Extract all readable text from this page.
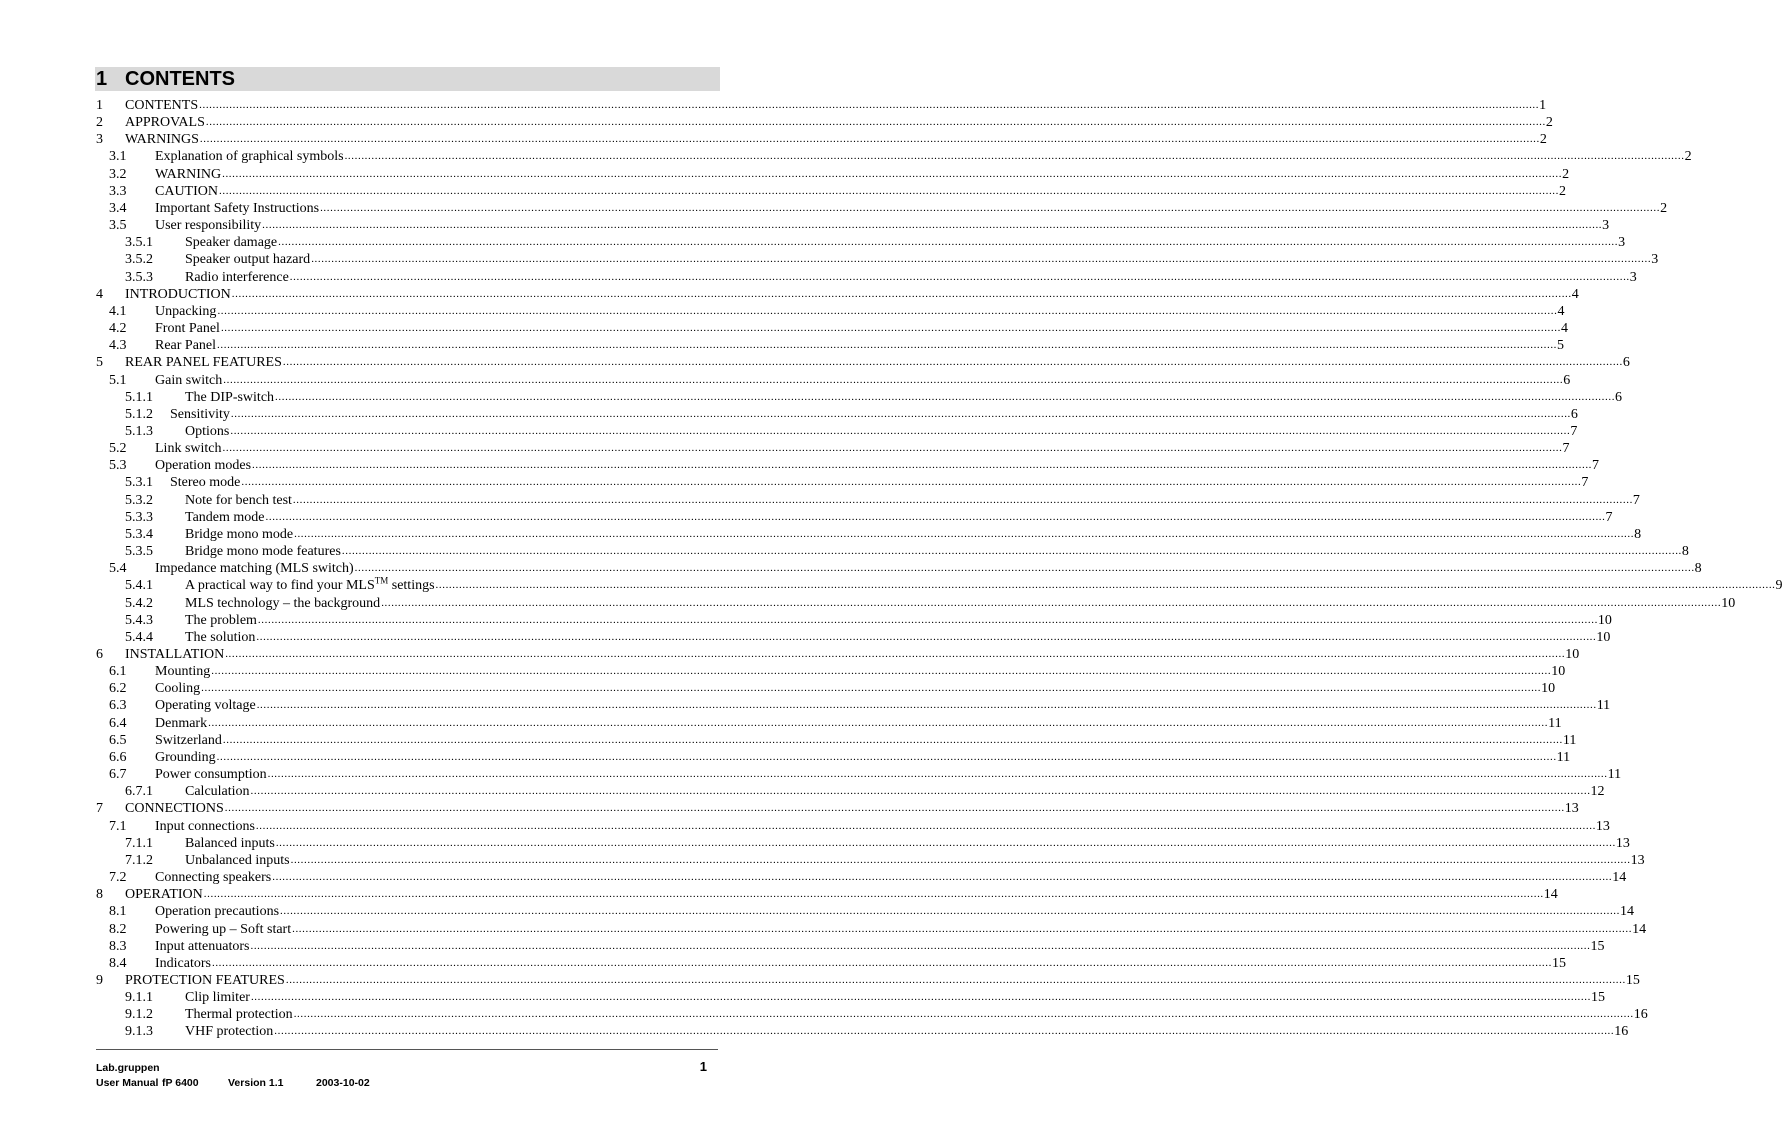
1 CONTENTS
1 CONTENTS ................................................................................................................................................................................................................................................................................................................................................................................................................ 1
2 APPROVALS ................................................................................................................................................................................................................................................................................................................................................................................................................ 2
3 WARNINGS ................................................................................................................................................................................................................................................................................................................................................................................................................ 2
3.1 Explanation of graphical symbols ................................................................................................................................................................................................................................................................................................................................................................................................................ 2
3.2 WARNING ................................................................................................................................................................................................................................................................................................................................................................................................................ 2
3.3 CAUTION ................................................................................................................................................................................................................................................................................................................................................................................................................ 2
3.4 Important Safety Instructions ................................................................................................................................................................................................................................................................................................................................................................................................................ 2
3.5 User responsibility ................................................................................................................................................................................................................................................................................................................................................................................................................ 3
3.5.1 Speaker damage ................................................................................................................................................................................................................................................................................................................................................................................................................ 3
3.5.2 Speaker output hazard ................................................................................................................................................................................................................................................................................................................................................................................................................ 3
3.5.3 Radio interference ................................................................................................................................................................................................................................................................................................................................................................................................................ 3
4 INTRODUCTION ................................................................................................................................................................................................................................................................................................................................................................................................................ 4
4.1 Unpacking ................................................................................................................................................................................................................................................................................................................................................................................................................ 4
4.2 Front Panel ................................................................................................................................................................................................................................................................................................................................................................................................................ 4
4.3 Rear Panel ................................................................................................................................................................................................................................................................................................................................................................................................................ 5
5 REAR PANEL FEATURES ................................................................................................................................................................................................................................................................................................................................................................................................................ 6
5.1 Gain switch ................................................................................................................................................................................................................................................................................................................................................................................................................ 6
5.1.1 The DIP-switch ................................................................................................................................................................................................................................................................................................................................................................................................................ 6
5.1.2 Sensitivity ................................................................................................................................................................................................................................................................................................................................................................................................................ 6
5.1.3 Options ................................................................................................................................................................................................................................................................................................................................................................................................................ 7
5.2 Link switch ................................................................................................................................................................................................................................................................................................................................................................................................................ 7
5.3 Operation modes ................................................................................................................................................................................................................................................................................................................................................................................................................ 7
5.3.1 Stereo mode ................................................................................................................................................................................................................................................................................................................................................................................................................ 7
5.3.2 Note for bench test ................................................................................................................................................................................................................................................................................................................................................................................................................ 7
5.3.3 Tandem mode ................................................................................................................................................................................................................................................................................................................................................................................................................ 7
5.3.4 Bridge mono mode ................................................................................................................................................................................................................................................................................................................................................................................................................ 8
5.3.5 Bridge mono mode features ................................................................................................................................................................................................................................................................................................................................................................................................................ 8
5.4 Impedance matching (MLS switch) ................................................................................................................................................................................................................................................................................................................................................................................................................ 8
5.4.1 A practical way to find your MLS™ settings ................................................................................................................................................................................................................................................................................................................................................................................................................ 9
5.4.2 MLS technology – the background ................................................................................................................................................................................................................................................................................................................................................................................................................ 10
5.4.3 The problem ................................................................................................................................................................................................................................................................................................................................................................................................................ 10
5.4.4 The solution ................................................................................................................................................................................................................................................................................................................................................................................................................ 10
6 INSTALLATION ................................................................................................................................................................................................................................................................................................................................................................................................................ 10
6.1 Mounting ................................................................................................................................................................................................................................................................................................................................................................................................................ 10
6.2 Cooling ................................................................................................................................................................................................................................................................................................................................................................................................................ 10
6.3 Operating voltage ................................................................................................................................................................................................................................................................................................................................................................................................................ 11
6.4 Denmark ................................................................................................................................................................................................................................................................................................................................................................................................................ 11
6.5 Switzerland ................................................................................................................................................................................................................................................................................................................................................................................................................ 11
6.6 Grounding ................................................................................................................................................................................................................................................................................................................................................................................................................ 11
6.7 Power consumption ................................................................................................................................................................................................................................................................................................................................................................................................................ 11
6.7.1 Calculation ................................................................................................................................................................................................................................................................................................................................................................................................................ 12
7 CONNECTIONS ................................................................................................................................................................................................................................................................................................................................................................................................................ 13
7.1 Input connections ................................................................................................................................................................................................................................................................................................................................................................................................................ 13
7.1.1 Balanced inputs ................................................................................................................................................................................................................................................................................................................................................................................................................ 13
7.1.2 Unbalanced inputs ................................................................................................................................................................................................................................................................................................................................................................................................................ 13
7.2 Connecting speakers ................................................................................................................................................................................................................................................................................................................................................................................................................ 14
8 OPERATION ................................................................................................................................................................................................................................................................................................................................................................................................................ 14
8.1 Operation precautions ................................................................................................................................................................................................................................................................................................................................................................................................................ 14
8.2 Powering up – Soft start ................................................................................................................................................................................................................................................................................................................................................................................................................ 14
8.3 Input attenuators ................................................................................................................................................................................................................................................................................................................................................................................................................ 15
8.4 Indicators ................................................................................................................................................................................................................................................................................................................................................................................................................ 15
9 PROTECTION FEATURES ................................................................................................................................................................................................................................................................................................................................................................................................................ 15
9.1.1 Clip limiter ................................................................................................................................................................................................................................................................................................................................................................................................................ 15
9.1.2 Thermal protection ................................................................................................................................................................................................................................................................................................................................................................................................................ 16
9.1.3 VHF protection ................................................................................................................................................................................................................................................................................................................................................................................................................ 16
Lab.gruppen
User Manual fP 6400	Version 1.1	2003-10-02
1
